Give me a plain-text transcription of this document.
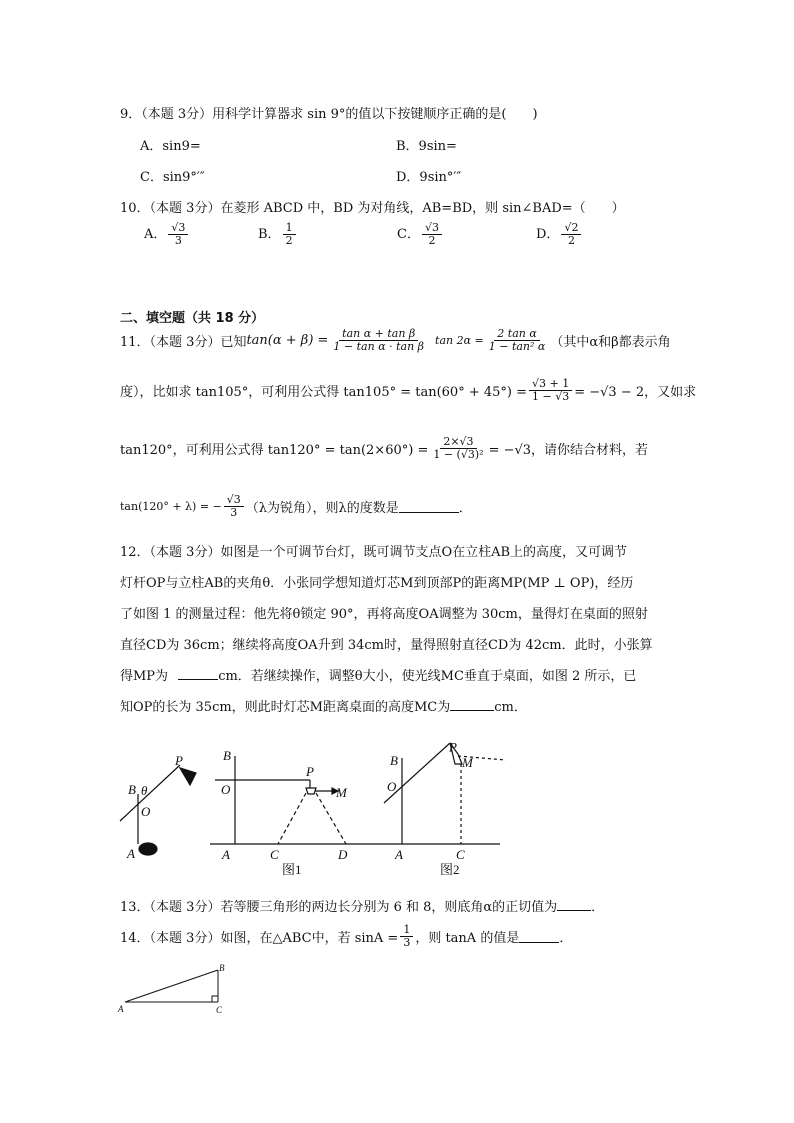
9．（本题 3分）用科学计算器求 sin 9°的值以下按键顺序正确的是(　　)
A．sin9=	B．9sin=
C．sin9°′″	D．9sin°′″
10．（本题 3分）在菱形 ABCD 中，BD 为对角线，AB=BD，则 sin∠BAD=（　　）
A． $\frac{√3}{3}$	B． $\frac{1}{2}$	C． $\frac{√3}{2}$	D． $\frac{√2}{2}$
二、填空题（共 18 分）
11．（本题 3分）已知 $\tan(\alpha + \beta) = \frac{\text{tan α + tan β}}{\text{1 − tan α · tan β}}$ $\tan 2\alpha = \frac{\text{2 tan α}}{\text{1 − tan² α}}$ （其中α和β都表示角
度），比如求 tan105°，可利用公式得 $\tan 105^\circ = \tan(60^\circ + 45^\circ) = \frac{√3 + 1}{1 - √3} = -√3 - 2$，又如求
tan120°，可利用公式得 $\tan 120^\circ = \tan(2\times 60^\circ) = \frac{2\times√3}{\text{1 − (√3)²}} = -√3$，请你结合材料，若
tan(120° + λ) = − $\frac{√3}{3} (\lambda$为锐角），则λ的度数是	．
12．（本题 3分）如图是一个可调节台灯，既可调节支点O在立柱AB上的高度，又可调节
灯杆OP与立柱AB的夹角θ．小张同学想知道灯芯M到顶部P的距离MP(MP ⊥ OP)，经历
了如图 1 的测量过程：他先将θ锁定 90°，再将高度OA调整为 30cm，量得灯在桌面的照射
直径CD为 36cm；继续将高度OA升到 34cm时，量得照射直径CD为 42cm．此时，小张算
得MP为	cm．若继续操作，调整θ大小，使光线MC垂直于桌面，如图 2 所示，已
知OP的长为 35cm，则此时灯芯M距离桌面的高度MC为	cm．
P
B θ
O
A
B
O
P
M
A	C	D
图1
P
B
O
M
A	C
图2
13．（本题 3分）若等腰三角形的两边长分别为 6 和 8，则底角α的正切值为	．
14．（本题 3分）如图，在△ABC中，若 $\sin A = \frac{1}{3}$ ，则 tanA 的值是	．
B
A	C
